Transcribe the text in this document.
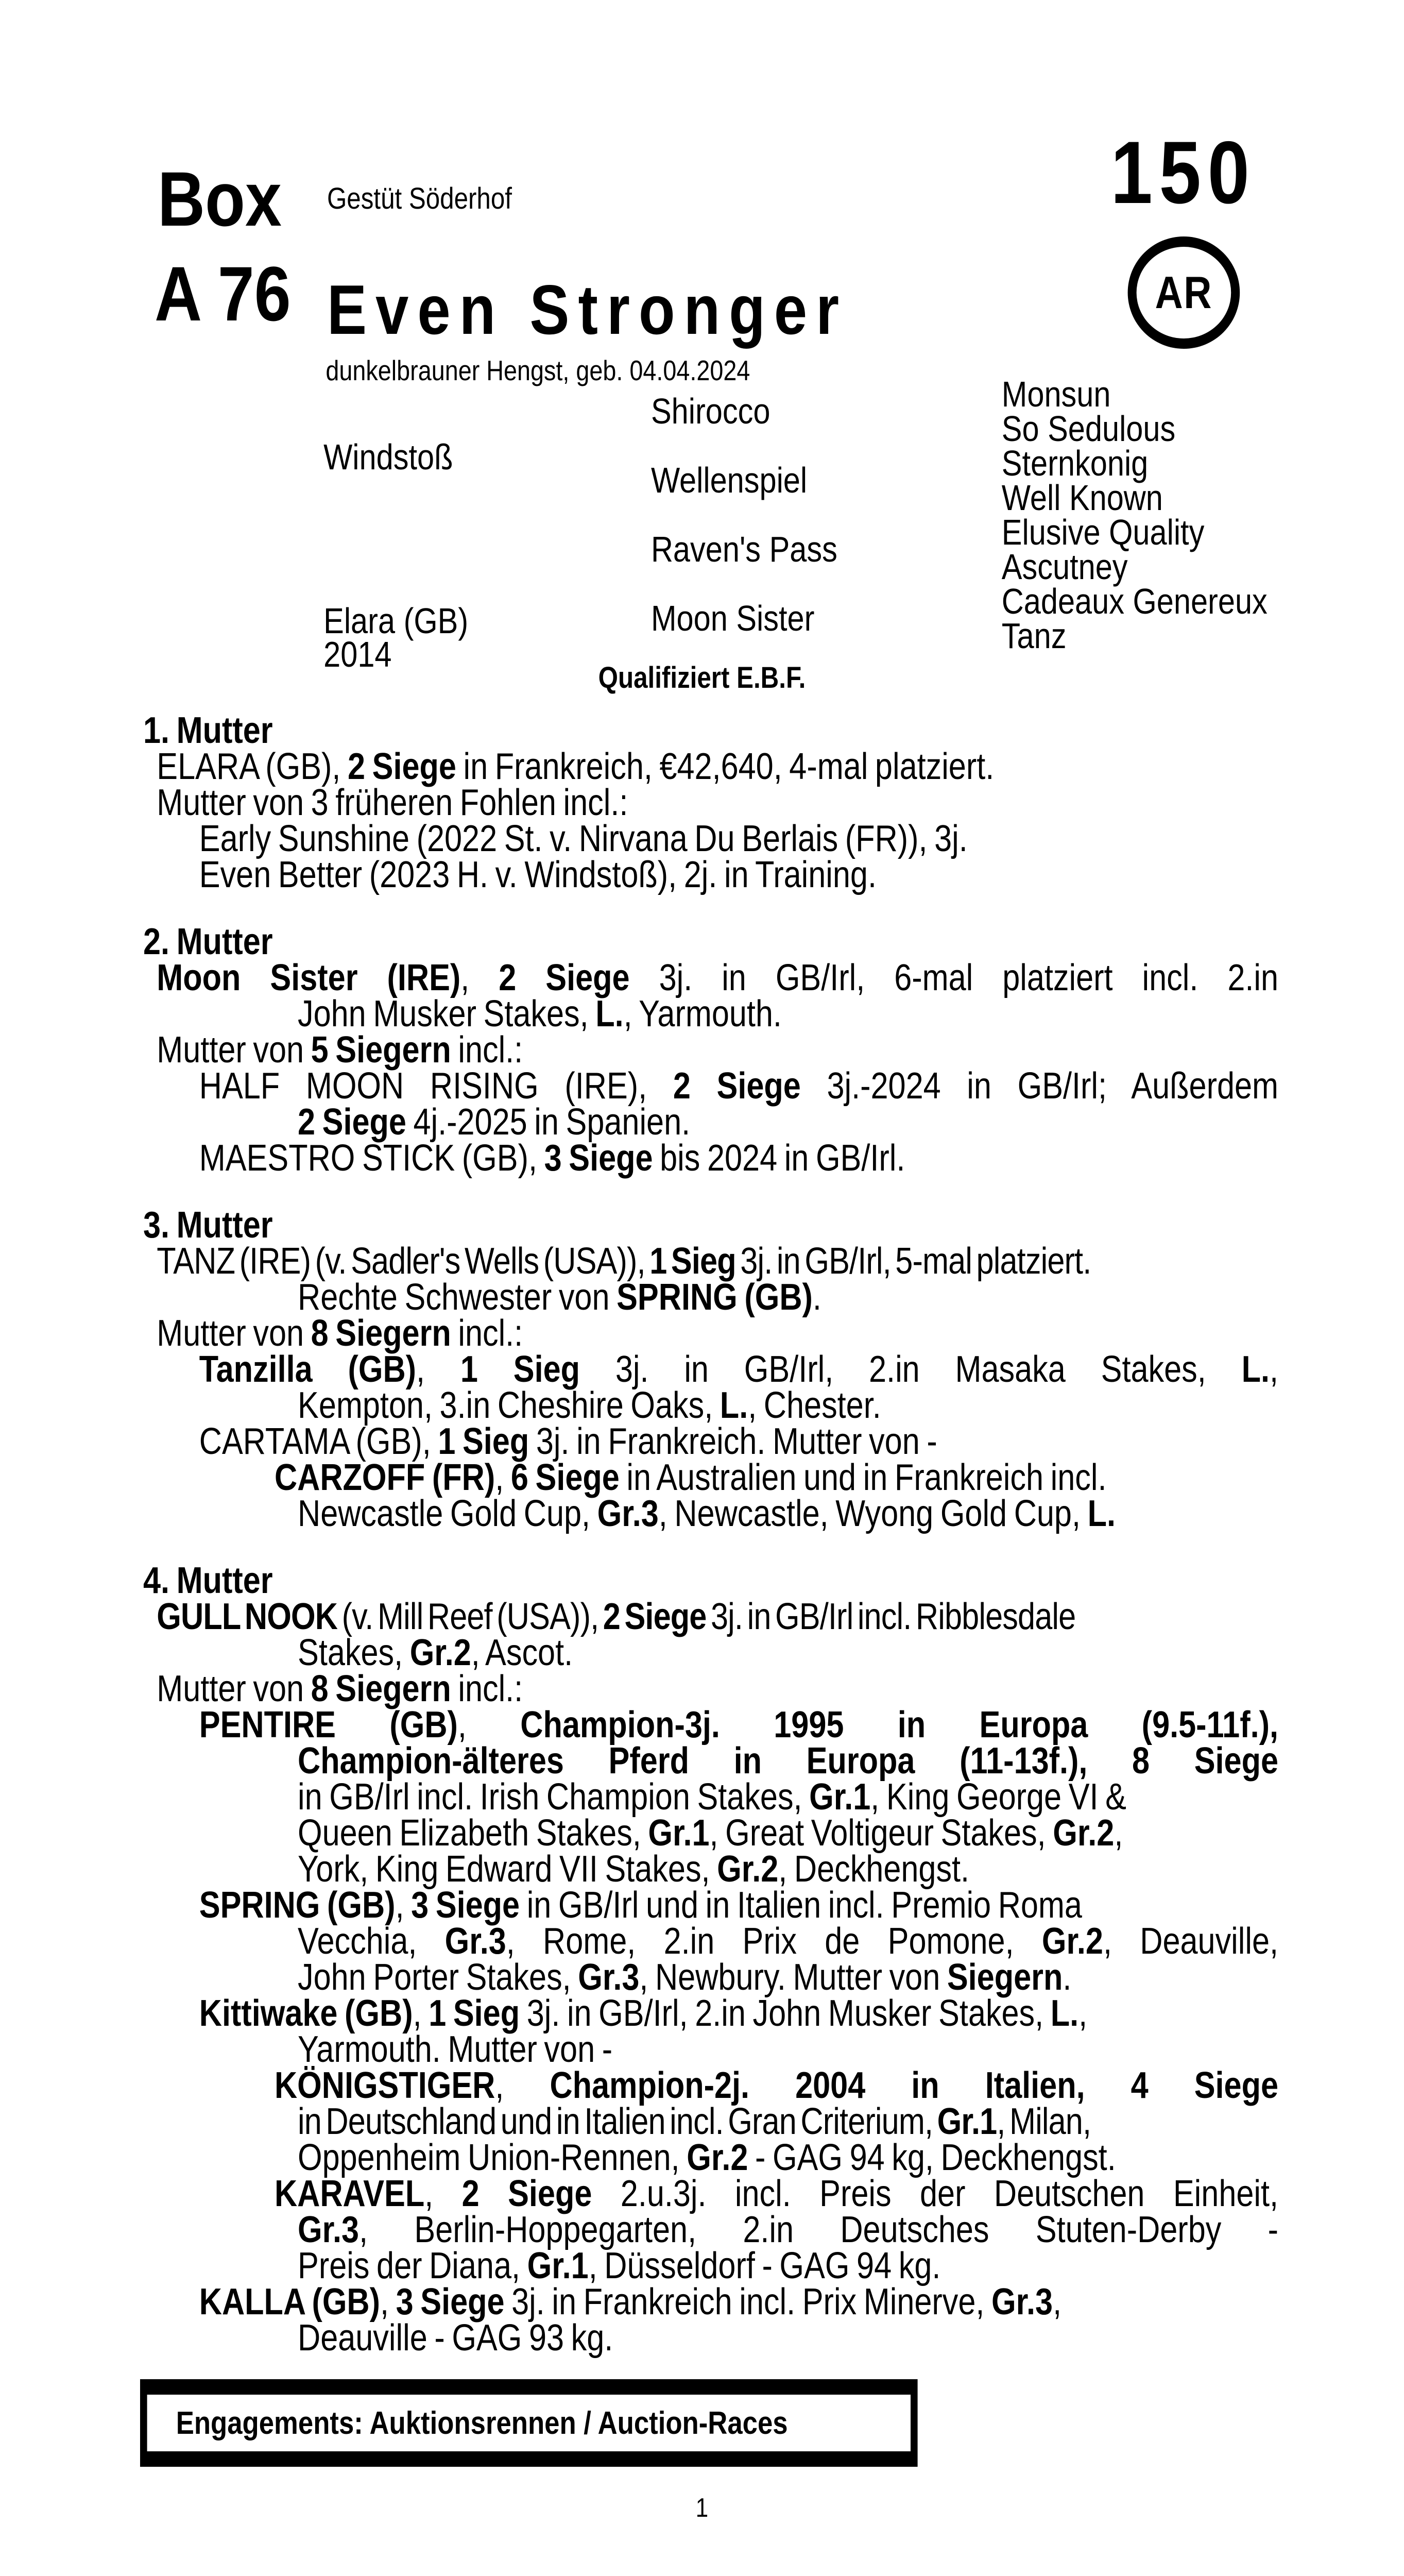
Box
A 76
Gestüt Söderhof	150
AR
Even Stronger
dunkelbrauner Hengst, geb. 04.04.2024
Windstoß
Elara (GB)
2014
Shirocco
Wellenspiel
Raven's Pass
Moon Sister
Monsun
So Sedulous
Sternkonig
Well Known
Elusive Quality
Ascutney
Cadeaux Genereux
Tanz
Qualifiziert E.B.F.
1. Mutter
ELARA (GB), 2 Siege in Frankreich, €42,640, 4-mal platziert.
Mutter von 3 früheren Fohlen incl.:
Early Sunshine (2022 St. v. Nirvana Du Berlais (FR)), 3j.
Even Better (2023 H. v. Windstoß), 2j. in Training.
2. Mutter
Moon Sister (IRE), 2 Siege 3j. in GB/Irl, 6-mal platziert incl. 2.in
John Musker Stakes, L., Yarmouth.
Mutter von 5 Siegern incl.:
HALF MOON RISING (IRE), 2 Siege 3j.-2024 in GB/Irl; Außerdem
2 Siege 4j.-2025 in Spanien.
MAESTRO STICK (GB), 3 Siege bis 2024 in GB/Irl.
3. Mutter
TANZ (IRE) (v. Sadler's Wells (USA)), 1 Sieg 3j. in GB/Irl, 5-mal platziert.
Rechte Schwester von SPRING (GB).
Mutter von 8 Siegern incl.:
Tanzilla (GB), 1 Sieg 3j. in GB/Irl, 2.in Masaka Stakes, L.,
Kempton, 3.in Cheshire Oaks, L., Chester.
CARTAMA (GB), 1 Sieg 3j. in Frankreich. Mutter von -
CARZOFF (FR), 6 Siege in Australien und in Frankreich incl.
Newcastle Gold Cup, Gr.3, Newcastle, Wyong Gold Cup, L.
4. Mutter
GULL NOOK (v. Mill Reef (USA)), 2 Siege 3j. in GB/Irl incl. Ribblesdale
Stakes, Gr.2, Ascot.
Mutter von 8 Siegern incl.:
PENTIRE (GB), Champion-3j. 1995 in Europa (9.5-11f.),
Champion-älteres Pferd in Europa (11-13f.), 8 Siege
in GB/Irl incl. Irish Champion Stakes, Gr.1, King George VI &
Queen Elizabeth Stakes, Gr.1, Great Voltigeur Stakes, Gr.2,
York, King Edward VII Stakes, Gr.2, Deckhengst.
SPRING (GB), 3 Siege in GB/Irl und in Italien incl. Premio Roma
Vecchia, Gr.3, Rome, 2.in Prix de Pomone, Gr.2, Deauville,
John Porter Stakes, Gr.3, Newbury. Mutter von Siegern.
Kittiwake (GB), 1 Sieg 3j. in GB/Irl, 2.in John Musker Stakes, L.,
Yarmouth. Mutter von -
KÖNIGSTIGER, Champion-2j. 2004 in Italien, 4 Siege
in Deutschland und in Italien incl. Gran Criterium, Gr.1, Milan,
Oppenheim Union-Rennen, Gr.2 - GAG 94 kg, Deckhengst.
KARAVEL, 2 Siege 2.u.3j. incl. Preis der Deutschen Einheit,
Gr.3, Berlin-Hoppegarten, 2.in Deutsches Stuten-Derby -
Preis der Diana, Gr.1, Düsseldorf - GAG 94 kg.
KALLA (GB), 3 Siege 3j. in Frankreich incl. Prix Minerve, Gr.3,
Deauville - GAG 93 kg.
Engagements: Auktionsrennen / Auction-Races
1
